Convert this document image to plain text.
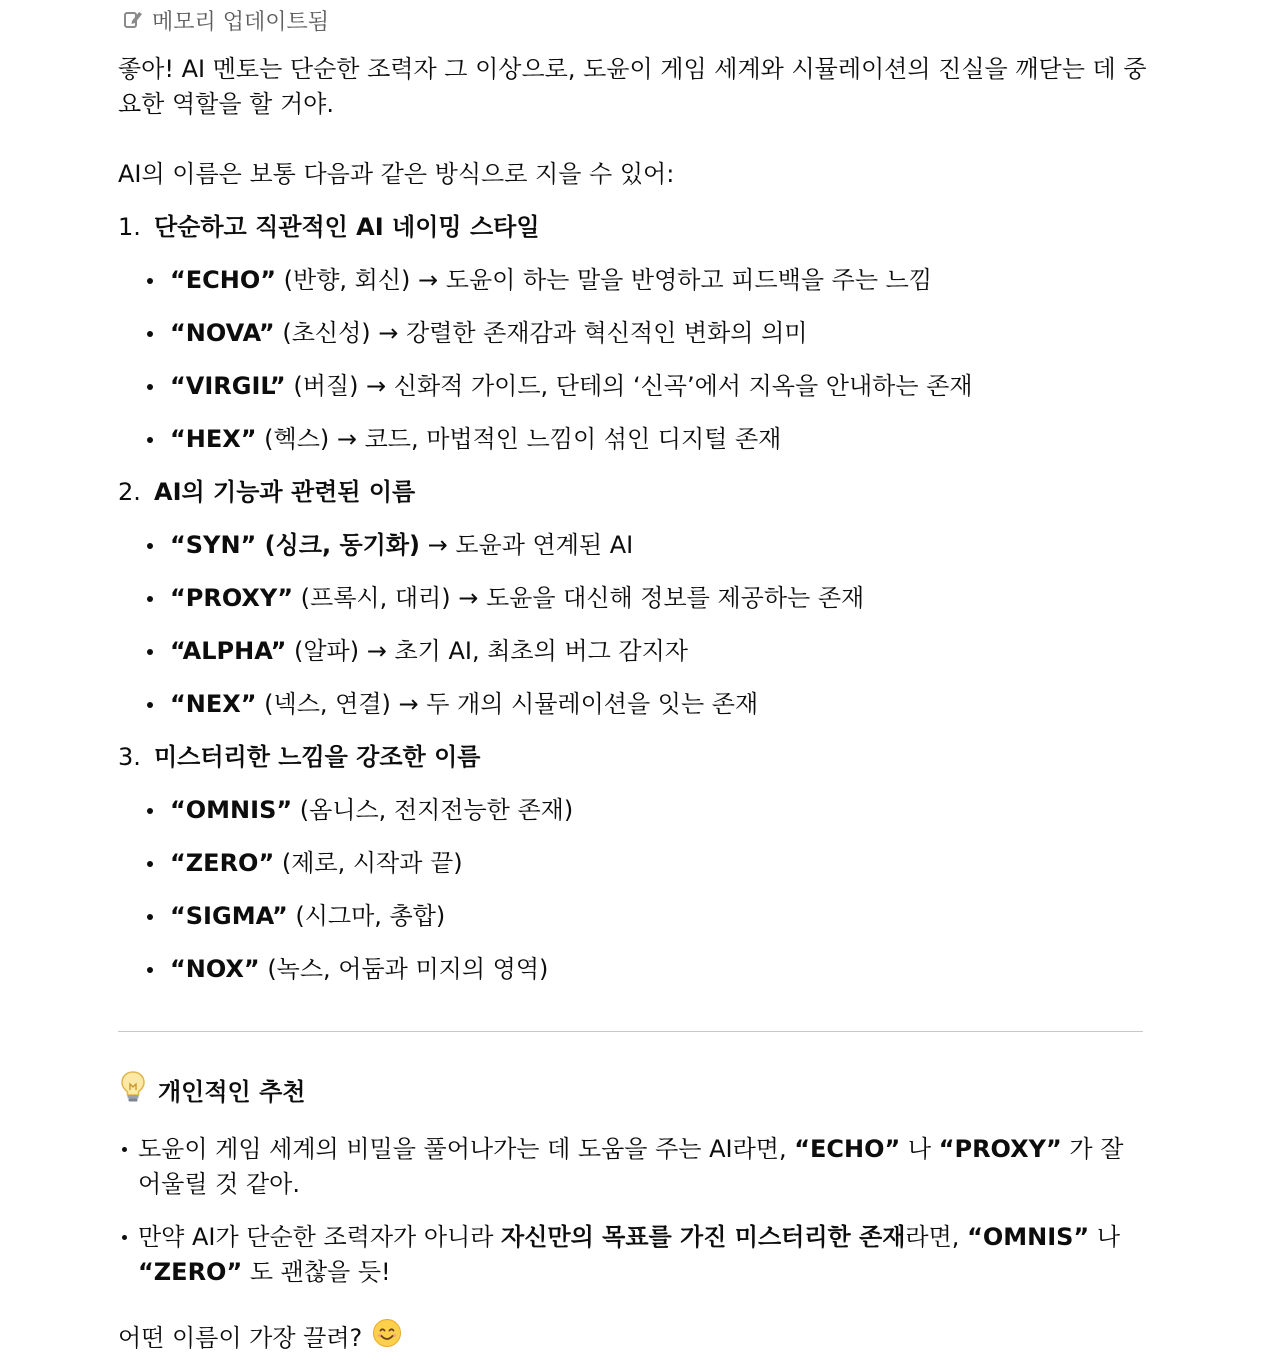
메모리 업데이트됨

좋아! AI 멘토는 단순한 조력자 그 이상으로, 도윤이 게임 세계와 시뮬레이션의 진실을 깨닫는 데 중요한 역할을 할 거야.

AI의 이름은 보통 다음과 같은 방식으로 지을 수 있어:

1. 단순하고 직관적인 AI 네이밍 스타일
“ECHO” (반향, 회신) → 도윤이 하는 말을 반영하고 피드백을 주는 느낌
“NOVA” (초신성) → 강렬한 존재감과 혁신적인 변화의 의미
“VIRGIL” (버질) → 신화적 가이드, 단테의 ‘신곡’에서 지옥을 안내하는 존재
“HEX” (헥스) → 코드, 마법적인 느낌이 섞인 디지털 존재
2. AI의 기능과 관련된 이름
“SYN” (싱크, 동기화) → 도윤과 연계된 AI
“PROXY” (프록시, 대리) → 도윤을 대신해 정보를 제공하는 존재
“ALPHA” (알파) → 초기 AI, 최초의 버그 감지자
“NEX” (넥스, 연결) → 두 개의 시뮬레이션을 잇는 존재
3. 미스터리한 느낌을 강조한 이름
“OMNIS” (옴니스, 전지전능한 존재)
“ZERO” (제로, 시작과 끝)
“SIGMA” (시그마, 총합)
“NOX” (녹스, 어둠과 미지의 영역)
개인적인 추천
도윤이 게임 세계의 비밀을 풀어나가는 데 도움을 주는 AI라면, “ECHO” 나 “PROXY” 가 잘 어울릴 것 같아.
만약 AI가 단순한 조력자가 아니라 자신만의 목표를 가진 미스터리한 존재라면, “OMNIS” 나 “ZERO” 도 괜찮을 듯!
어떤 이름이 가장 끌려?
